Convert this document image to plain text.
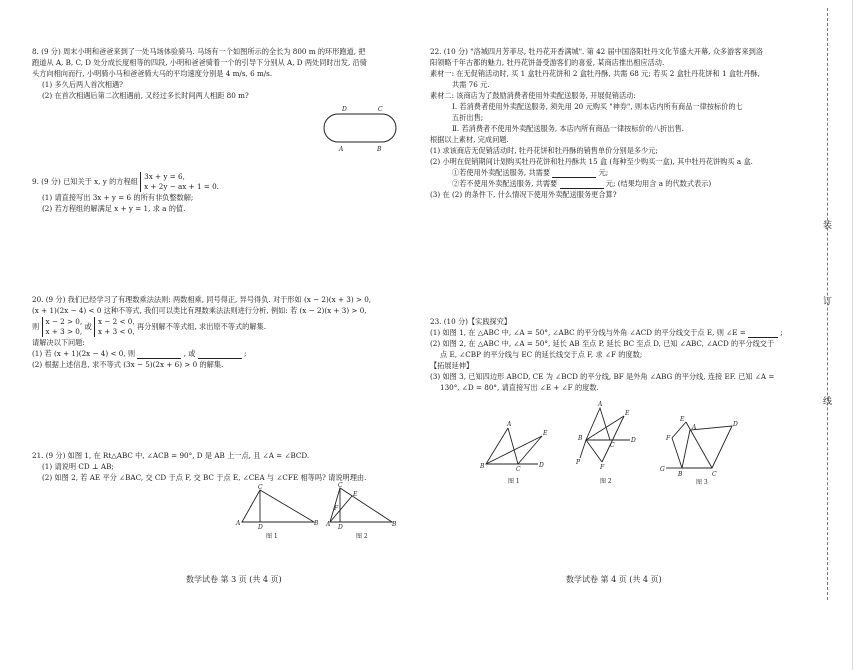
8. (9 分) 周末小明和爸爸来到了一处马场体验骑马. 马场有一个如图所示的全长为 800 m 的环形跑道, 把

跑道从 A, B, C, D 处分成长度相等的四段, 小明和爸爸骑着一个的引导下分别从 A, D 两处同时出发, 沿骑

头方向相向而行, 小明骑小马和爸爸骑大马的平均速度分别是 4 m/s, 6 m/s.

(1) 多久后两人首次相遇?

(2) 在首次相遇后第二次相遇前, 又经过多长时间两人相距 80 m?

D	C
A	B

9. (9 分) 已知关于 x, y 的方程组
3x + y = 6,
x + 2y − ax + 1 = 0.

(1) 请直接写出 3x + y = 6 的所有非负整数解;

(2) 若方程组的解满足 x + y = 1, 求 a 的值.

20. (9 分) 我们已经学习了有理数乘法法则: 两数相乘, 同号得正, 异号得负. 对于形如 (x − 2)(x + 3) > 0,

(x + 1)(2x − 4) < 0 这种不等式, 我们可以类比有理数乘法法则进行分析, 例如: 若 (x − 2)(x + 3) > 0,

则
x − 2 > 0,
x + 3 > 0,
或
x − 2 < 0,
x + 3 < 0,
再分别解不等式组, 求出原不等式的解集.

请解决以下问题:

(1) 若 (x + 1)(2x − 4) < 0, 则	, 或	;

(2) 根据上述信息, 求不等式 (3x − 5)(2x + 6) > 0 的解集.

21. (9 分) 如图 1, 在 Rt△ABC 中, ∠ACB = 90°, D 是 AB 上一点, 且 ∠A = ∠BCD.

(1) 请说明 CD ⊥ AB;

(2) 如图 2, 若 AE 平分 ∠BAC, 交 CD 于点 F, 交 BC 于点 E, ∠CEA 与 ∠CFE 相等吗? 请说明理由.

C
A
D
B
图 1
C
E
F
A D	B
图 2
数学试卷 第 3 页 (共 4 页)

22. (10 分) "洛城四月芳菲尽, 牡丹花开香满城". 第 42 届中国洛阳牡丹文化节盛大开幕, 众多游客来到洛

阳领略千年古都的魅力, 牡丹花饼备受游客们的喜爱, 某商店推出相应活动.

素材一: 在无促销活动时, 买 1 盒牡丹花饼和 2 盒牡丹酥, 共需 68 元; 若买 2 盒牡丹花饼和 1 盒牡丹酥,

共需 76 元.

素材二: 该商店为了鼓励消费者使用外卖配送服务, 开展促销活动:

Ⅰ. 若消费者使用外卖配送服务, 须先用 20 元购买 "神券", 则本店内所有商品一律按标价的七

五折出售;

Ⅱ. 若消费者不使用外卖配送服务, 本店内所有商品一律按标价的八折出售.

根据以上素材, 完成问题.

(1) 求该商店无促销活动时, 牡丹花饼和牡丹酥的销售单价分别是多少元;

(2) 小明在促销期间计划购买牡丹花饼和牡丹酥共 15 盒 (每种至少购买一盒), 其中牡丹花饼购买 a 盒.

①若使用外卖配送服务, 共需要	元;

②若不使用外卖配送服务, 共需要	元; (结果均用含 a 的代数式表示)

(3) 在 (2) 的条件下, 什么情况下使用外卖配送服务更合算?

23. (10 分)【实践探究】

(1) 如图 1, 在 △ABC 中, ∠A = 50°, ∠ABC 的平分线与外角 ∠ACD 的平分线交于点 E, 则 ∠E =	;

(2) 如图 2, 在 △ABC 中, ∠A = 50°, 延长 AB 至点 P, 延长 BC 至点 D, 已知 ∠ABC, ∠ACD 的平分线交于

点 E, ∠CBP 的平分线与 EC 的延长线交于点 F, 求 ∠F 的度数;

【拓展延伸】

(3) 如图 3, 已知四边形 ABCD, CE 为 ∠BCD 的平分线, BF 是外角 ∠ABG 的平分线, 连接 EF. 已知 ∠A =

130°, ∠D = 80°, 请直接写出 ∠E + ∠F 的度数.

A
E
B	C
D
图 1
A
E
B
C
D
P
F
图 2
E
A	D
F
G
B	C
图 3
数学试卷 第 4 页 (共 4 页)
装
订
线
